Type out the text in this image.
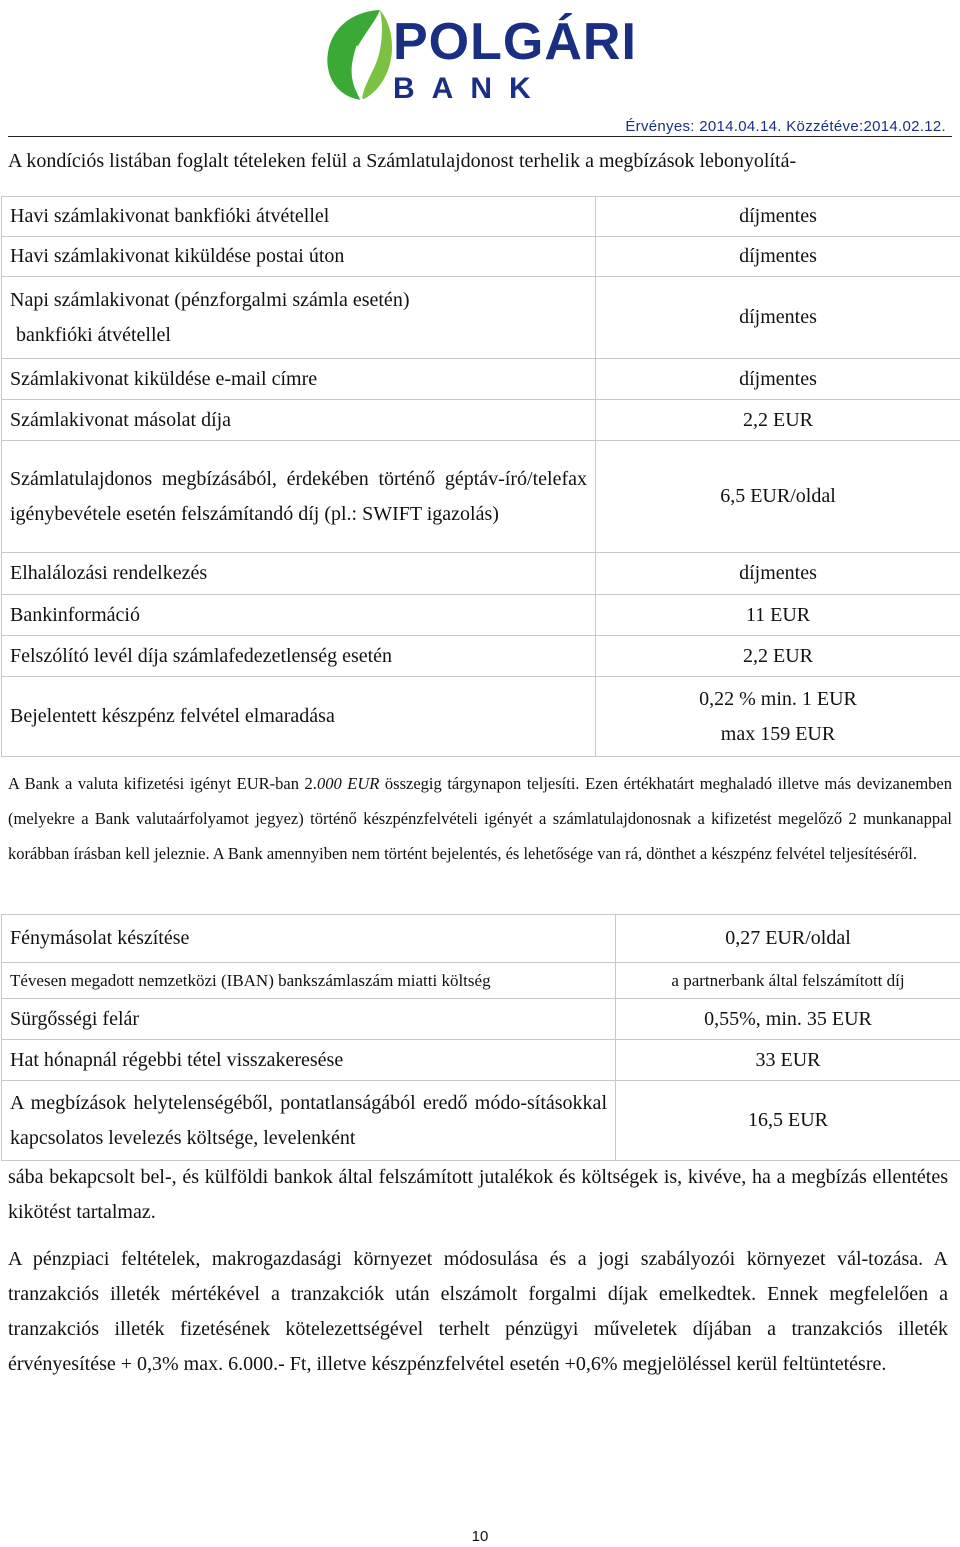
POLGÁRI
BANK
Érvényes: 2014.04.14. Közzétéve:2014.02.12.
A kondíciós listában foglalt tételeken felül a Számlatulajdonost terhelik a megbízások lebonyolítá-
Havi számlakivonat bankfióki átvétellel	díjmentes
Havi számlakivonat kiküldése postai úton	díjmentes

Napi számlakivonat (pénzforgalmi számla esetén)
bankfióki átvétellel	díjmentes
Számlakivonat kiküldése e-mail címre	díjmentes
Számlakivonat másolat díja	2,2 EUR
Számlatulajdonos megbízásából, érdekében történő géptáv-író/telefax igénybevétele esetén felszámítandó díj (pl.: SWIFT igazolás)	6,5 EUR/oldal
Elhalálozási rendelkezés	díjmentes
Bankinformáció	11 EUR
Felszólító levél díja számlafedezetlenség esetén	2,2 EUR
Bejelentett készpénz felvétel elmaradása	0,22 % min. 1 EUR
max 159 EUR
A Bank a valuta kifizetési igényt EUR-ban 2.000 EUR összegig tárgynapon teljesíti. Ezen értékhatárt meghaladó illetve más devizanemben (melyekre a Bank valutaárfolyamot jegyez) történő készpénzfelvételi igényét a számlatulajdonosnak a kifizetést megelőző 2 munkanappal korábban írásban kell jeleznie. A Bank amennyiben nem történt bejelentés, és lehetősége van rá, dönthet a készpénz felvétel teljesítéséről.
Fénymásolat készítése	0,27 EUR/oldal
Tévesen megadott nemzetközi (IBAN) bankszámlaszám miatti költség	a partnerbank által felszámított díj
Sürgősségi felár	0,55%, min. 35 EUR
Hat hónapnál régebbi tétel visszakeresése	33 EUR
A megbízások helytelenségéből, pontatlanságából eredő módo-sításokkal kapcsolatos levelezés költsége, levelenként	16,5 EUR
sába bekapcsolt bel-, és külföldi bankok által felszámított jutalékok és költségek is, kivéve, ha a megbízás ellentétes kikötést tartalmaz.
A pénzpiaci feltételek, makrogazdasági környezet módosulása és a jogi szabályozói környezet vál-tozása. A tranzakciós illeték mértékével a tranzakciók után elszámolt forgalmi díjak emelkedtek. Ennek megfelelően a tranzakciós illeték fizetésének kötelezettségével terhelt pénzügyi műveletek díjában a tranzakciós illeték érvényesítése + 0,3% max. 6.000.- Ft, illetve készpénzfelvétel esetén +0,6% megjelöléssel kerül feltüntetésre.
10
